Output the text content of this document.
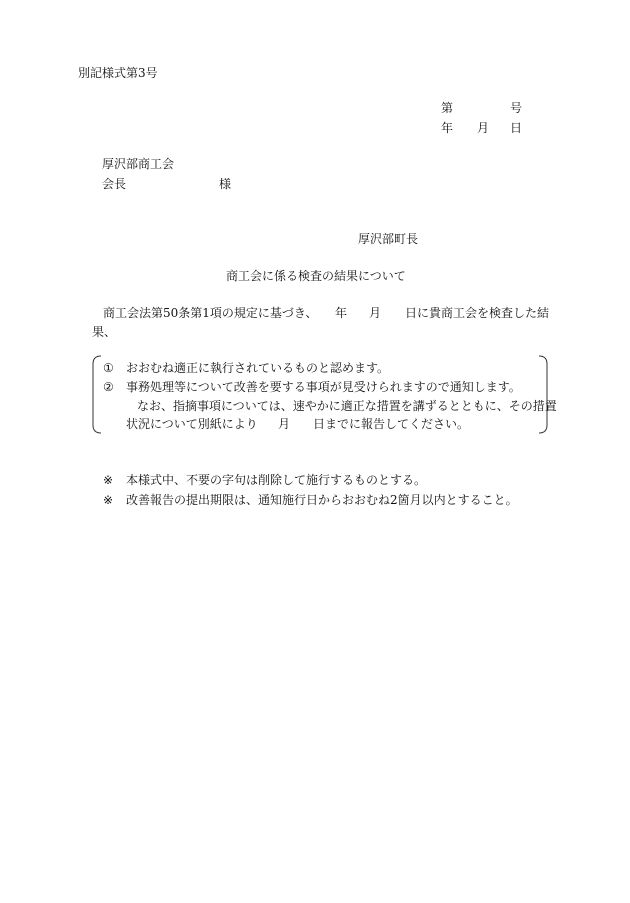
別記様式第3号
第	号
年 月 日
厚沢部商工会
会長	様
厚沢部町長
商工会に係る検査の結果について
商工会法第50条第1項の規定に基づき、 年 月 日に貴商工会を検査した結
果、
① おおむね適正に執行されているものと認めます。
② 事務処理等について改善を要する事項が見受けられますので通知します。
なお、指摘事項については、速やかに適正な措置を講ずるとともに、その措置
状況について別紙により 月 日までに報告してください。
※ 本様式中、不要の字句は削除して施行するものとする。
※ 改善報告の提出期限は、通知施行日からおおむね2箇月以内とすること。
